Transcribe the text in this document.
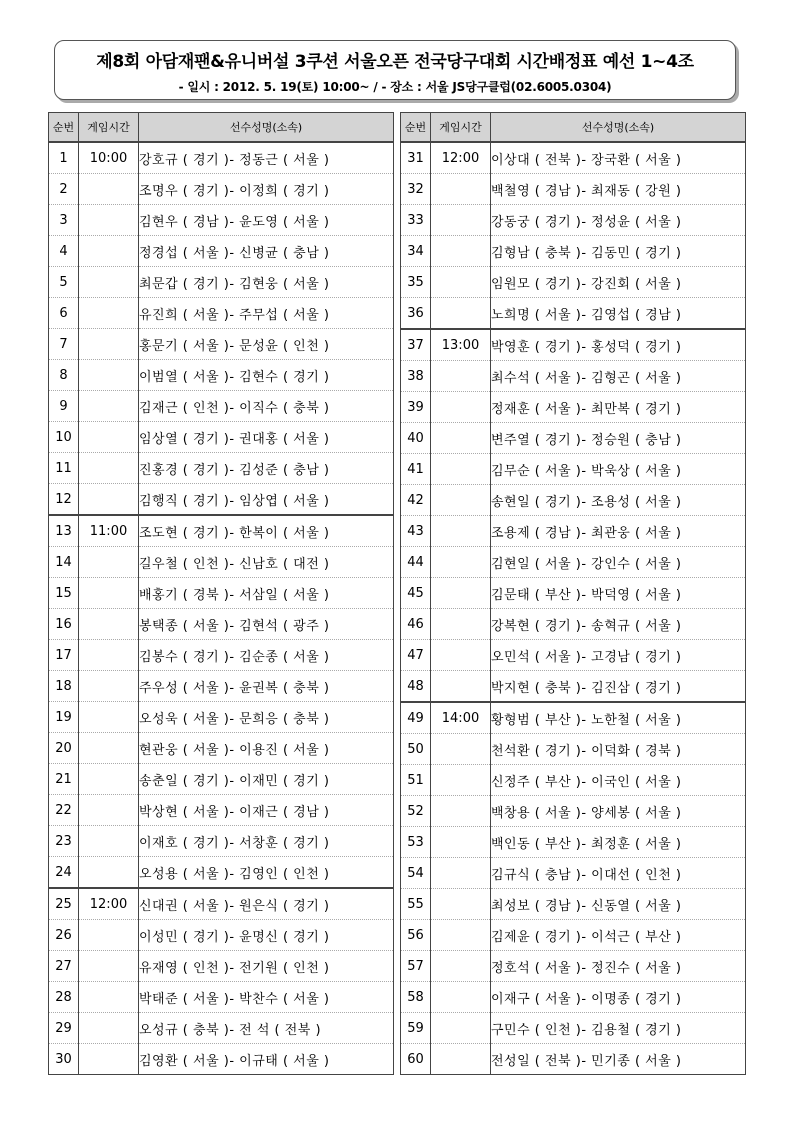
제8회 아담재팬&유니버설 3쿠션 서울오픈 전국당구대회 시간배정표 예선 1~4조
- 일시 : 2012. 5. 19(토) 10:00~ / - 장소 : 서울 JS당구클럽(02.6005.0304)
순번	게임시간	선수성명(소속)
1	10:00	강호규 ( 경기 )- 정동근 ( 서울 )
2		조명우 ( 경기 )- 이정희 ( 경기 )
3		김현우 ( 경남 )- 윤도영 ( 서울 )
4		정경섭 ( 서울 )- 신병균 ( 충남 )
5		최문갑 ( 경기 )- 김현웅 ( 서울 )
6		유진희 ( 서울 )- 주무섭 ( 서울 )
7		홍문기 ( 서울 )- 문성윤 ( 인천 )
8		이범열 ( 서울 )- 김현수 ( 경기 )
9		김재근 ( 인천 )- 이직수 ( 충북 )
10		임상열 ( 경기 )- 권대홍 ( 서울 )
11		진홍경 ( 경기 )- 김성준 ( 충남 )
12		김행직 ( 경기 )- 임상엽 ( 서울 )
13	11:00	조도현 ( 경기 )- 한복이 ( 서울 )
14		길우철 ( 인천 )- 신남호 ( 대전 )
15		배홍기 ( 경북 )- 서삼일 ( 서울 )
16		봉택종 ( 서울 )- 김현석 ( 광주 )
17		김봉수 ( 경기 )- 김순종 ( 서울 )
18		주우성 ( 서울 )- 윤권복 ( 충북 )
19		오성욱 ( 서울 )- 문희응 ( 충북 )
20		현관웅 ( 서울 )- 이용진 ( 서울 )
21		송춘일 ( 경기 )- 이재민 ( 경기 )
22		박상현 ( 서울 )- 이재근 ( 경남 )
23		이재호 ( 경기 )- 서창훈 ( 경기 )
24		오성용 ( 서울 )- 김영인 ( 인천 )
25	12:00	신대권 ( 서울 )- 원은식 ( 경기 )
26		이성민 ( 경기 )- 윤명신 ( 경기 )
27		유재영 ( 인천 )- 전기원 ( 인천 )
28		박태준 ( 서울 )- 박찬수 ( 서울 )
29		오성규 ( 충북 )- 전 석 ( 전북 )
30		김영환 ( 서울 )- 이규태 ( 서울 )
순번	게임시간	선수성명(소속)
31	12:00	이상대 ( 전북 )- 장국환 ( 서울 )
32		백철영 ( 경남 )- 최재동 ( 강원 )
33		강동궁 ( 경기 )- 정성윤 ( 서울 )
34		김형남 ( 충북 )- 김동민 ( 경기 )
35		임원모 ( 경기 )- 강진회 ( 서울 )
36		노희명 ( 서울 )- 김영섭 ( 경남 )
37	13:00	박영훈 ( 경기 )- 홍성덕 ( 경기 )
38		최수석 ( 서울 )- 김형곤 ( 서울 )
39		정재훈 ( 서울 )- 최만복 ( 경기 )
40		변주열 ( 경기 )- 정승원 ( 충남 )
41		김무순 ( 서울 )- 박욱상 ( 서울 )
42		송현일 ( 경기 )- 조용성 ( 서울 )
43		조용제 ( 경남 )- 최관웅 ( 서울 )
44		김현일 ( 서울 )- 강인수 ( 서울 )
45		김문태 ( 부산 )- 박덕영 ( 서울 )
46		강복현 ( 경기 )- 송혁규 ( 서울 )
47		오민석 ( 서울 )- 고경남 ( 경기 )
48		박지현 ( 충북 )- 김진삼 ( 경기 )
49	14:00	황형범 ( 부산 )- 노한철 ( 서울 )
50		천석환 ( 경기 )- 이덕화 ( 경북 )
51		신정주 ( 부산 )- 이국인 ( 서울 )
52		백창용 ( 서울 )- 양세봉 ( 서울 )
53		백인동 ( 부산 )- 최정훈 ( 서울 )
54		김규식 ( 충남 )- 이대선 ( 인천 )
55		최성보 ( 경남 )- 신동열 ( 서울 )
56		김제윤 ( 경기 )- 이석근 ( 부산 )
57		정호석 ( 서울 )- 정진수 ( 서울 )
58		이재구 ( 서울 )- 이명종 ( 경기 )
59		구민수 ( 인천 )- 김용철 ( 경기 )
60		전성일 ( 전북 )- 민기종 ( 서울 )
